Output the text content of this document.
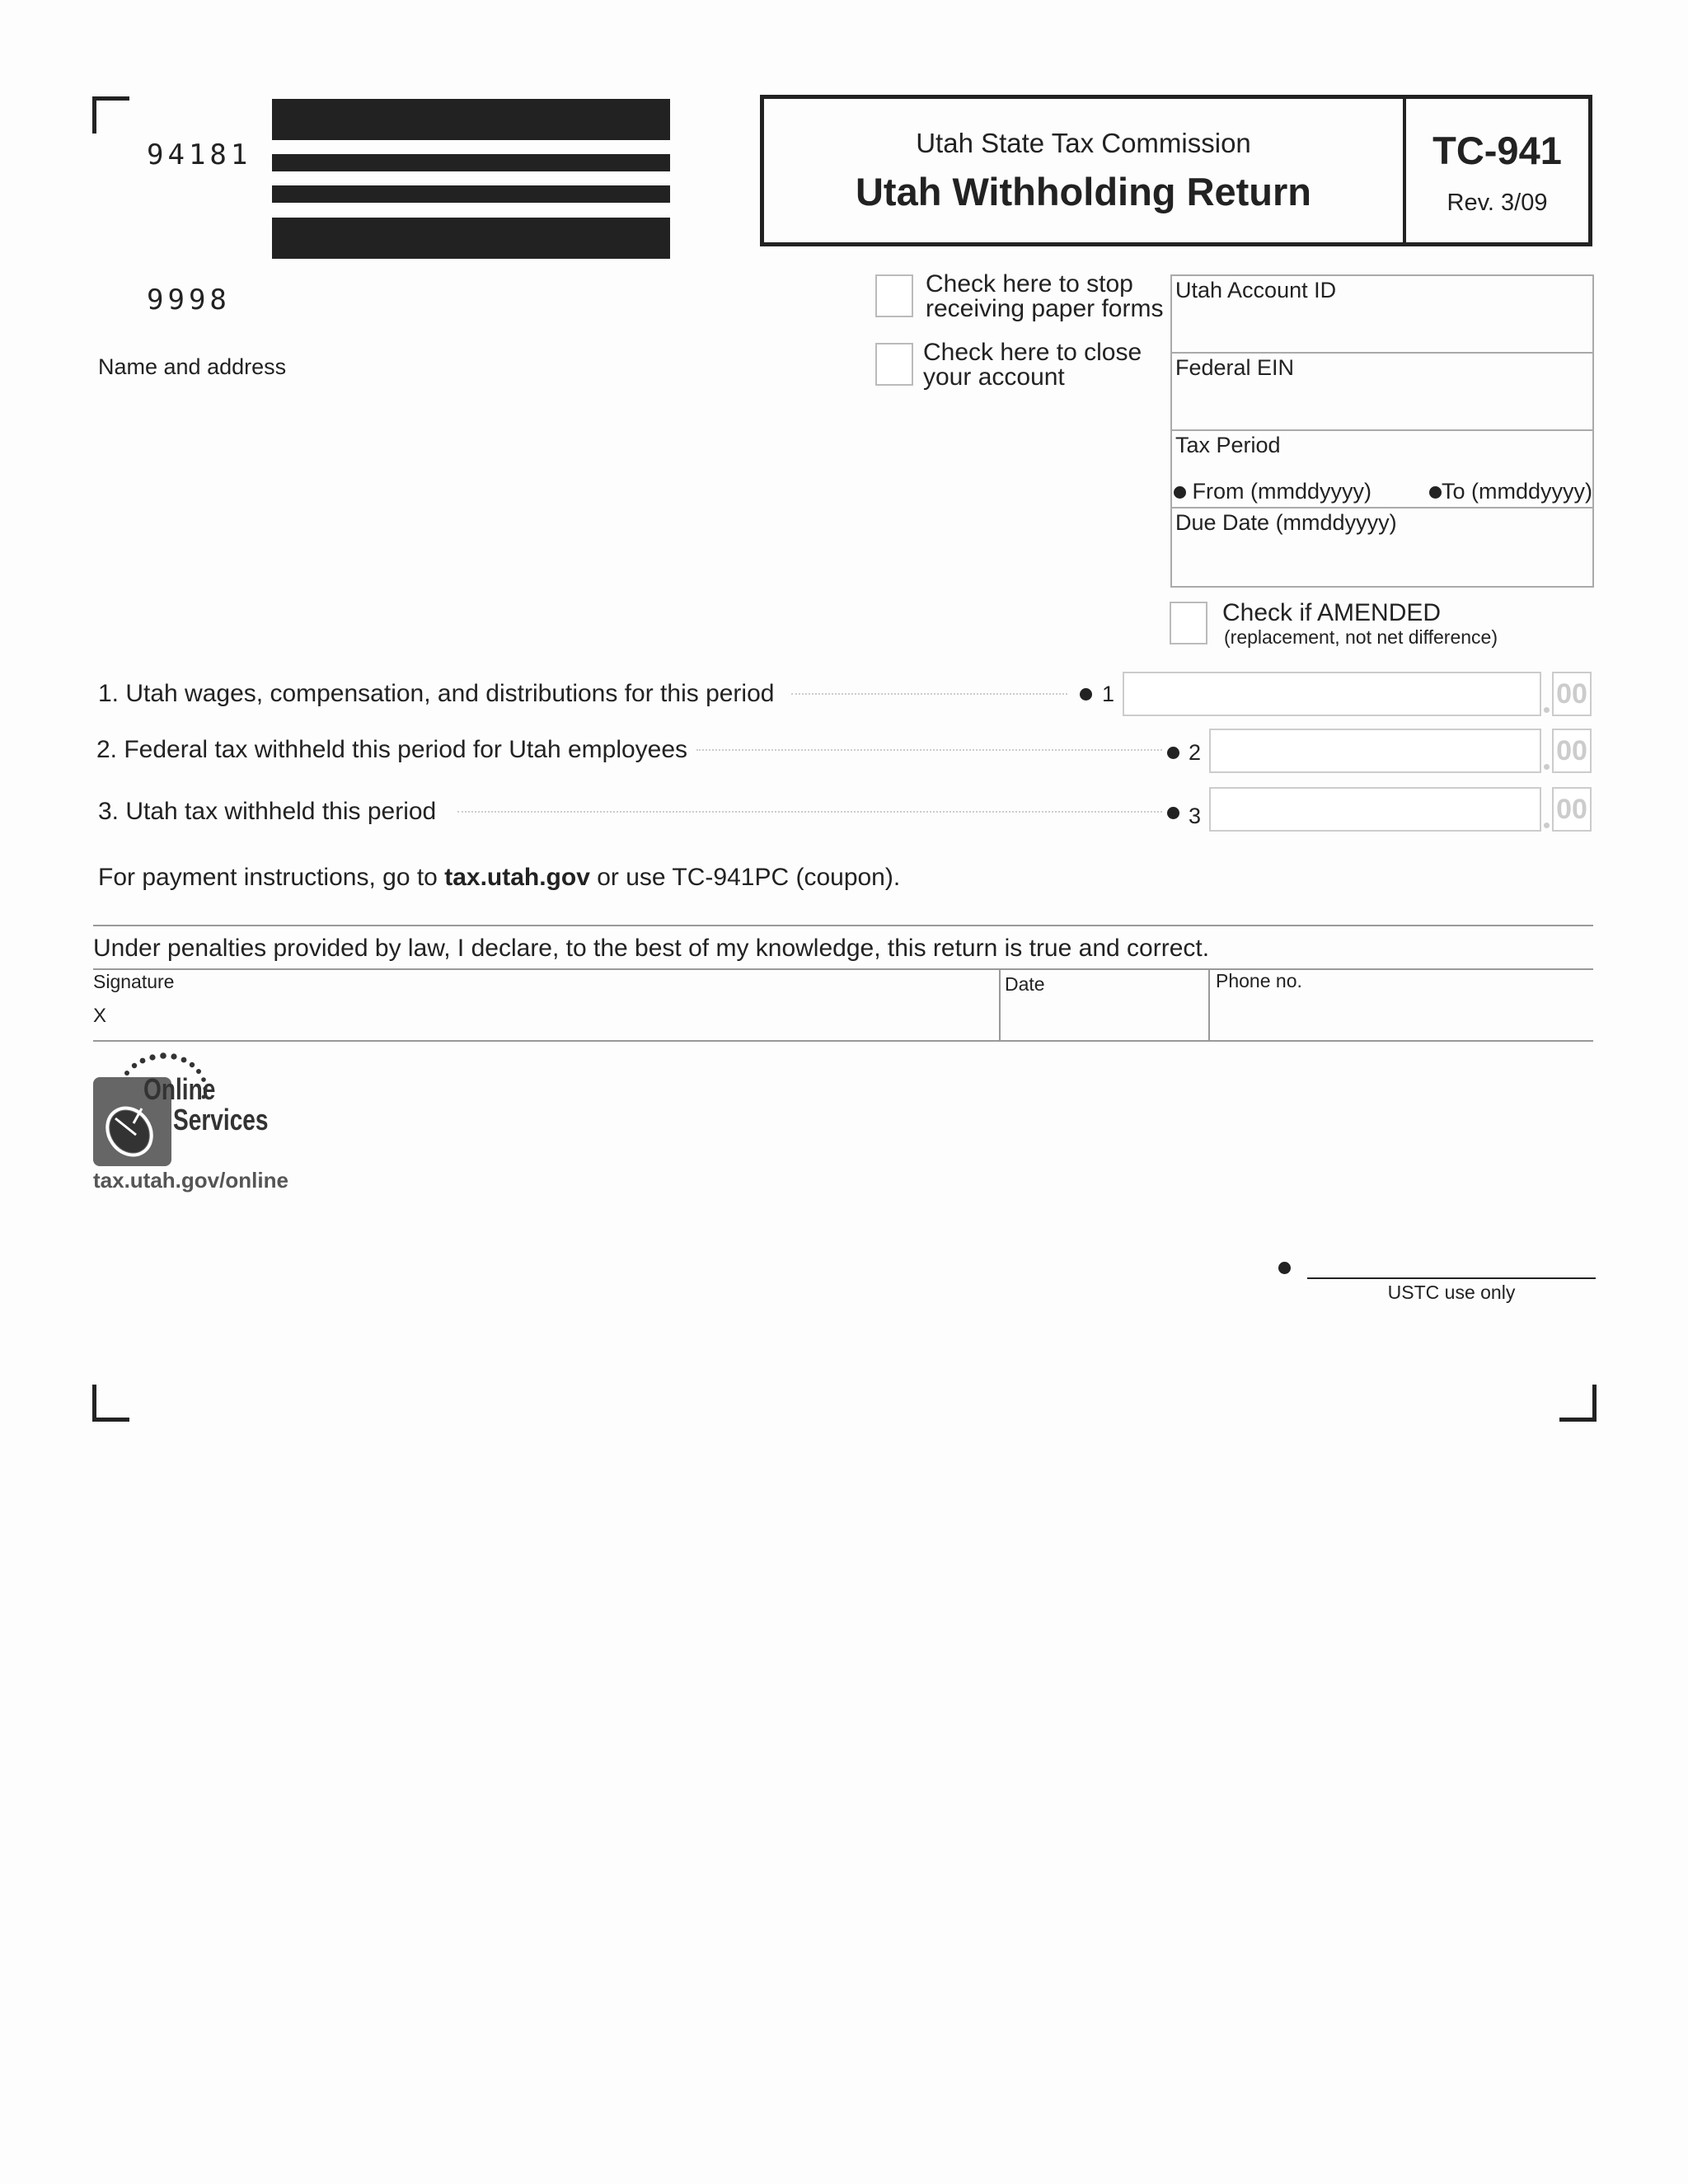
94181
9998
Name and address
Utah State Tax Commission
Utah Withholding Return
TC-941
Rev. 3/09
Check here to stop
receiving paper forms
Check here to close
your account
Utah Account ID
Federal EIN
Tax Period
From (mmddyyyy)	To (mmddyyyy)
Due Date (mmddyyyy)
Check if AMENDED
(replacement, not net difference)
1. Utah wages, compensation, and distributions for this period	1	00
2. Federal tax withheld this period for Utah employees	2	00
3. Utah tax withheld this period	3	00
For payment instructions, go to tax.utah.gov or use TC-941PC (coupon).
Under penalties provided by law, I declare, to the best of my knowledge, this return is true and correct.
Signature
X
Date	Phone no.
Online
Services
tax.utah.gov/online
USTC use only
